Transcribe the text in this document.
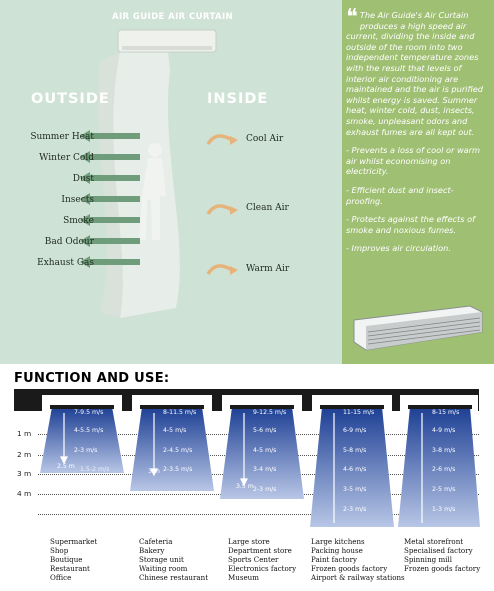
AIR GUIDE AIR CURTAIN
OUTSIDE	INSIDE
Summer Heat
Winter Cold
Dust
Insects
Smoke
Bad Odour
Exhaust Gas
Cool Air
Clean Air
Warm Air

❝ The Air Guide's Air Curtain produces a high speed air current, dividing the inside and outside of the room into two independent temperature zones with the result that levels of interior air conditioning are maintained and the air is purified whilst energy is saved. Summer heat, winter cold, dust, insects, smoke, unpleasant odors and exhaust fumes are all kept out.

- Prevents a loss of cool or warm air whilst economising on electricity.

- Efficient dust and insect-proofing.

- Protects against the effects of smoke and noxious fumes.

- Improves air circulation.

FUNCTION AND USE:
1 m
2 m
3 m
4 m
7-9.5 m/s
4-5.5 m/s
2-3 m/s
1.5-2 m/s
2.5 m
8-11.5 m/s
4-5 m/s
2-4.5 m/s
2-3.5 m/s
3 m
9-12.5 m/s
5-6 m/s
4-5 m/s
3-4 m/s
2-3 m/s
3.5 m
11-15 m/s
6-9 m/s
5-8 m/s
4-6 m/s
3-5 m/s
2-3 m/s
8-15 m/s
4-9 m/s
3-8 m/s
2-6 m/s
2-5 m/s
1-3 m/s
Supermarket
Shop
Boutique
Restaurant
Office
Cafeteria
Bakery
Storage unit
Waiting room
Chinese restaurant
Large store
Department store
Sports Center
Electronics factory
Museum
Large kitchens
Packing house
Paint factory
Frozen goods factory
Airport & railway stations
Metal storefront
Specialised factory
Spinning mill
Frozen goods factory
